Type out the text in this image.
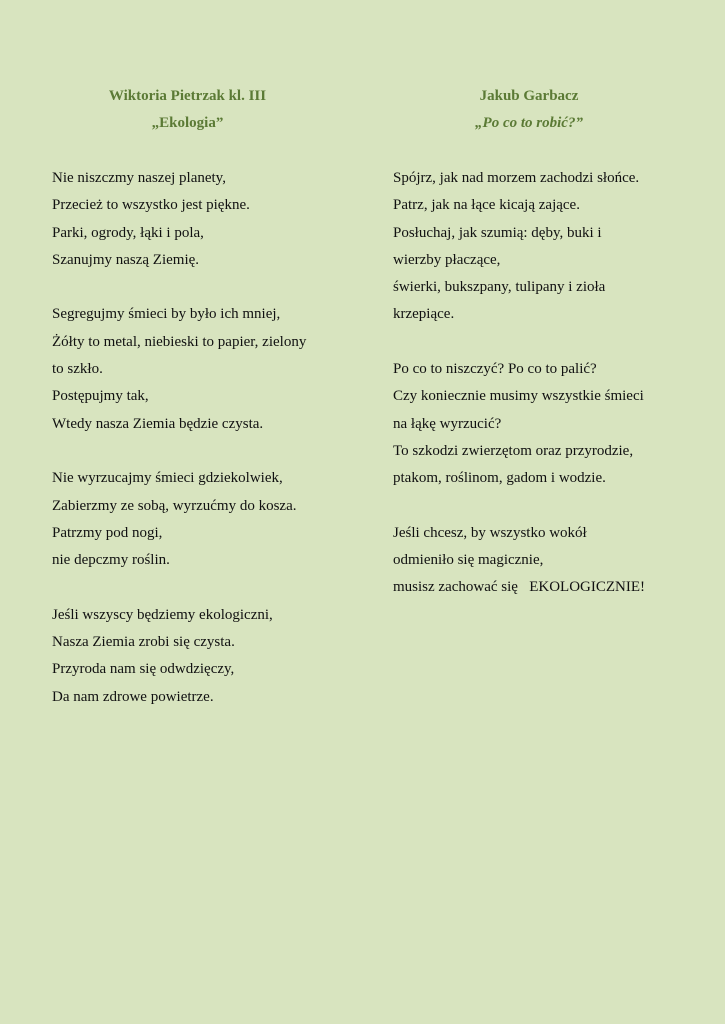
Wiktoria Pietrzak kl. III

„Ekologia”

Nie niszczmy naszej planety,
Przecież to wszystko jest piękne.
Parki, ogrody, łąki i pola,
Szanujmy naszą Ziemię.
Segregujmy śmieci by było ich mniej,
Żółty to metal, niebieski to papier, zielony
to szkło.
Postępujmy tak,
Wtedy nasza Ziemia będzie czysta.
Nie wyrzucajmy śmieci gdziekolwiek,
Zabierzmy ze sobą, wyrzućmy do kosza.
Patrzmy pod nogi,
nie depczmy roślin.
Jeśli wszyscy będziemy ekologiczni,
Nasza Ziemia zrobi się czysta.
Przyroda nam się odwdzięczy,
Da nam zdrowe powietrze.

Jakub Garbacz

„Po co to robić?”

Spójrz, jak nad morzem zachodzi słońce.
Patrz, jak na łące kicają zające.
Posłuchaj, jak szumią: dęby, buki i
wierzby płaczące,
świerki, bukszpany, tulipany i zioła
krzepiące.
Po co to niszczyć? Po co to palić?
Czy koniecznie musimy wszystkie śmieci
na łąkę wyrzucić?
To szkodzi zwierzętom oraz przyrodzie,
ptakom, roślinom, gadom i wodzie.
Jeśli chcesz, by wszystko wokół
odmieniło się magicznie,
musisz zachować się   EKOLOGICZNIE!
